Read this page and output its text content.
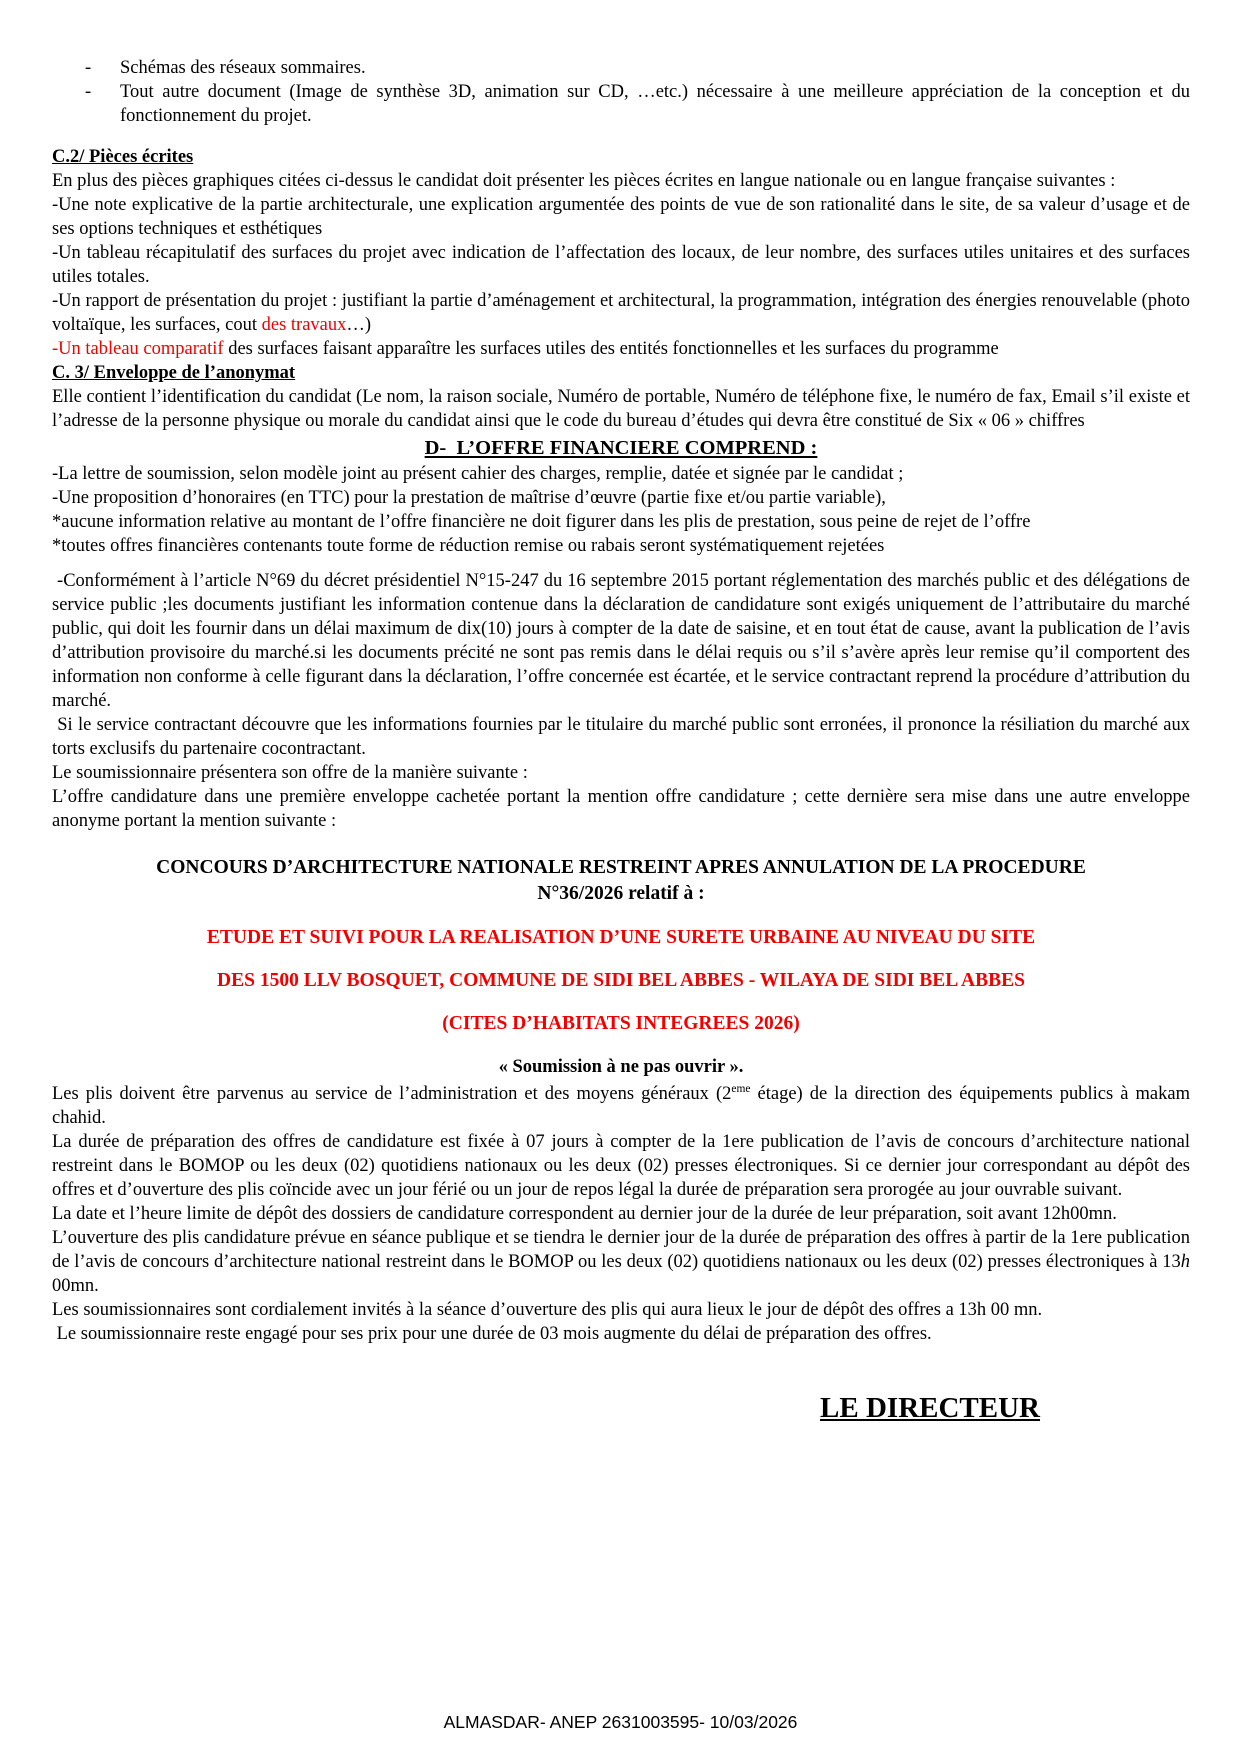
-	Schémas des réseaux sommaires.
-	Tout autre document (Image de synthèse 3D, animation sur CD, …etc.) nécessaire à une meilleure appréciation de la conception et du fonctionnement du projet.

C.2/ Pièces écrites

En plus des pièces graphiques citées ci-dessus le candidat doit présenter les pièces écrites en langue nationale ou en langue française suivantes :

-Une note explicative de la partie architecturale, une explication argumentée des points de vue de son rationalité dans le site, de sa valeur d’usage et de ses options techniques et esthétiques

-Un tableau récapitulatif des surfaces du projet avec indication de l’affectation des locaux, de leur nombre, des surfaces utiles unitaires et des surfaces utiles totales.

-Un rapport de présentation du projet : justifiant la partie d’aménagement et architectural, la programmation, intégration des énergies renouvelable (photo voltaïque, les surfaces, cout des travaux…)

-Un tableau comparatif des surfaces faisant apparaître les surfaces utiles des entités fonctionnelles et les surfaces du programme

C. 3/ Enveloppe de l’anonymat

Elle contient l’identification du candidat (Le nom, la raison sociale, Numéro de portable, Numéro de téléphone fixe, le numéro de fax, Email s’il existe et l’adresse de la personne physique ou morale du candidat ainsi que le code du bureau d’études qui devra être constitué de Six « 06 » chiffres

D-  L’OFFRE FINANCIERE COMPREND :

-La lettre de soumission, selon modèle joint au présent cahier des charges, remplie, datée et signée par le candidat ;

-Une proposition d’honoraires (en TTC) pour la prestation de maîtrise d’œuvre (partie fixe et/ou partie variable),

*aucune information relative au montant de l’offre financière ne doit figurer dans les plis de prestation, sous peine de rejet de l’offre

*toutes offres financières contenants toute forme de réduction remise ou rabais seront systématiquement rejetées

-Conformément à l’article N°69 du décret présidentiel N°15-247 du 16 septembre 2015 portant réglementation des marchés public et des délégations de service public ;les documents justifiant les information contenue dans la déclaration de candidature sont exigés uniquement de l’attributaire du marché public, qui doit les fournir dans un délai maximum de dix(10) jours à compter de la date de saisine, et en tout état de cause, avant la publication de l’avis d’attribution provisoire du marché.si les documents précité ne sont pas remis dans le délai requis ou s’il s’avère après leur remise qu’il comportent des information non conforme à celle figurant dans la déclaration, l’offre concernée est écartée, et le service contractant reprend la procédure d’attribution du marché.

Si le service contractant découvre que les informations fournies par le titulaire du marché public sont erronées, il prononce la résiliation du marché aux torts exclusifs du partenaire cocontractant.

Le soumissionnaire présentera son offre de la manière suivante :

L’offre candidature dans une première enveloppe cachetée portant la mention offre candidature ; cette dernière sera mise dans une autre enveloppe anonyme portant la mention suivante :

CONCOURS D’ARCHITECTURE NATIONALE RESTREINT APRES ANNULATION DE LA PROCEDURE
N°36/2026 relatif à :

ETUDE ET SUIVI POUR LA REALISATION D’UNE SURETE URBAINE AU NIVEAU DU SITE

DES 1500 LLV BOSQUET, COMMUNE DE SIDI BEL ABBES - WILAYA DE SIDI BEL ABBES

(CITES D’HABITATS INTEGREES 2026)

« Soumission à ne pas ouvrir ».

Les plis doivent être parvenus au service de l’administration et des moyens généraux (2eme étage) de la direction des équipements publics à makam chahid.

La durée de préparation des offres de candidature est fixée à 07 jours à compter de la 1ere publication de l’avis de concours d’architecture national restreint dans le BOMOP ou les deux (02) quotidiens nationaux ou les deux (02) presses électroniques. Si ce dernier jour correspondant au dépôt des offres et d’ouverture des plis coïncide avec un jour férié ou un jour de repos légal la durée de préparation sera prorogée au jour ouvrable suivant.

La date et l’heure limite de dépôt des dossiers de candidature correspondent au dernier jour de la durée de leur préparation, soit avant 12h00mn.

L’ouverture des plis candidature prévue en séance publique et se tiendra le dernier jour de la durée de préparation des offres à partir de la 1ere publication de l’avis de concours d’architecture national restreint dans le BOMOP ou les deux (02) quotidiens nationaux ou les deux (02) presses électroniques à 13h 00mn.

Les soumissionnaires sont cordialement invités à la séance d’ouverture des plis qui aura lieux le jour de dépôt des offres a 13h 00 mn.

Le soumissionnaire reste engagé pour ses prix pour une durée de 03 mois augmente du délai de préparation des offres.

LE DIRECTEUR
ALMASDAR- ANEP 2631003595- 10/03/2026
